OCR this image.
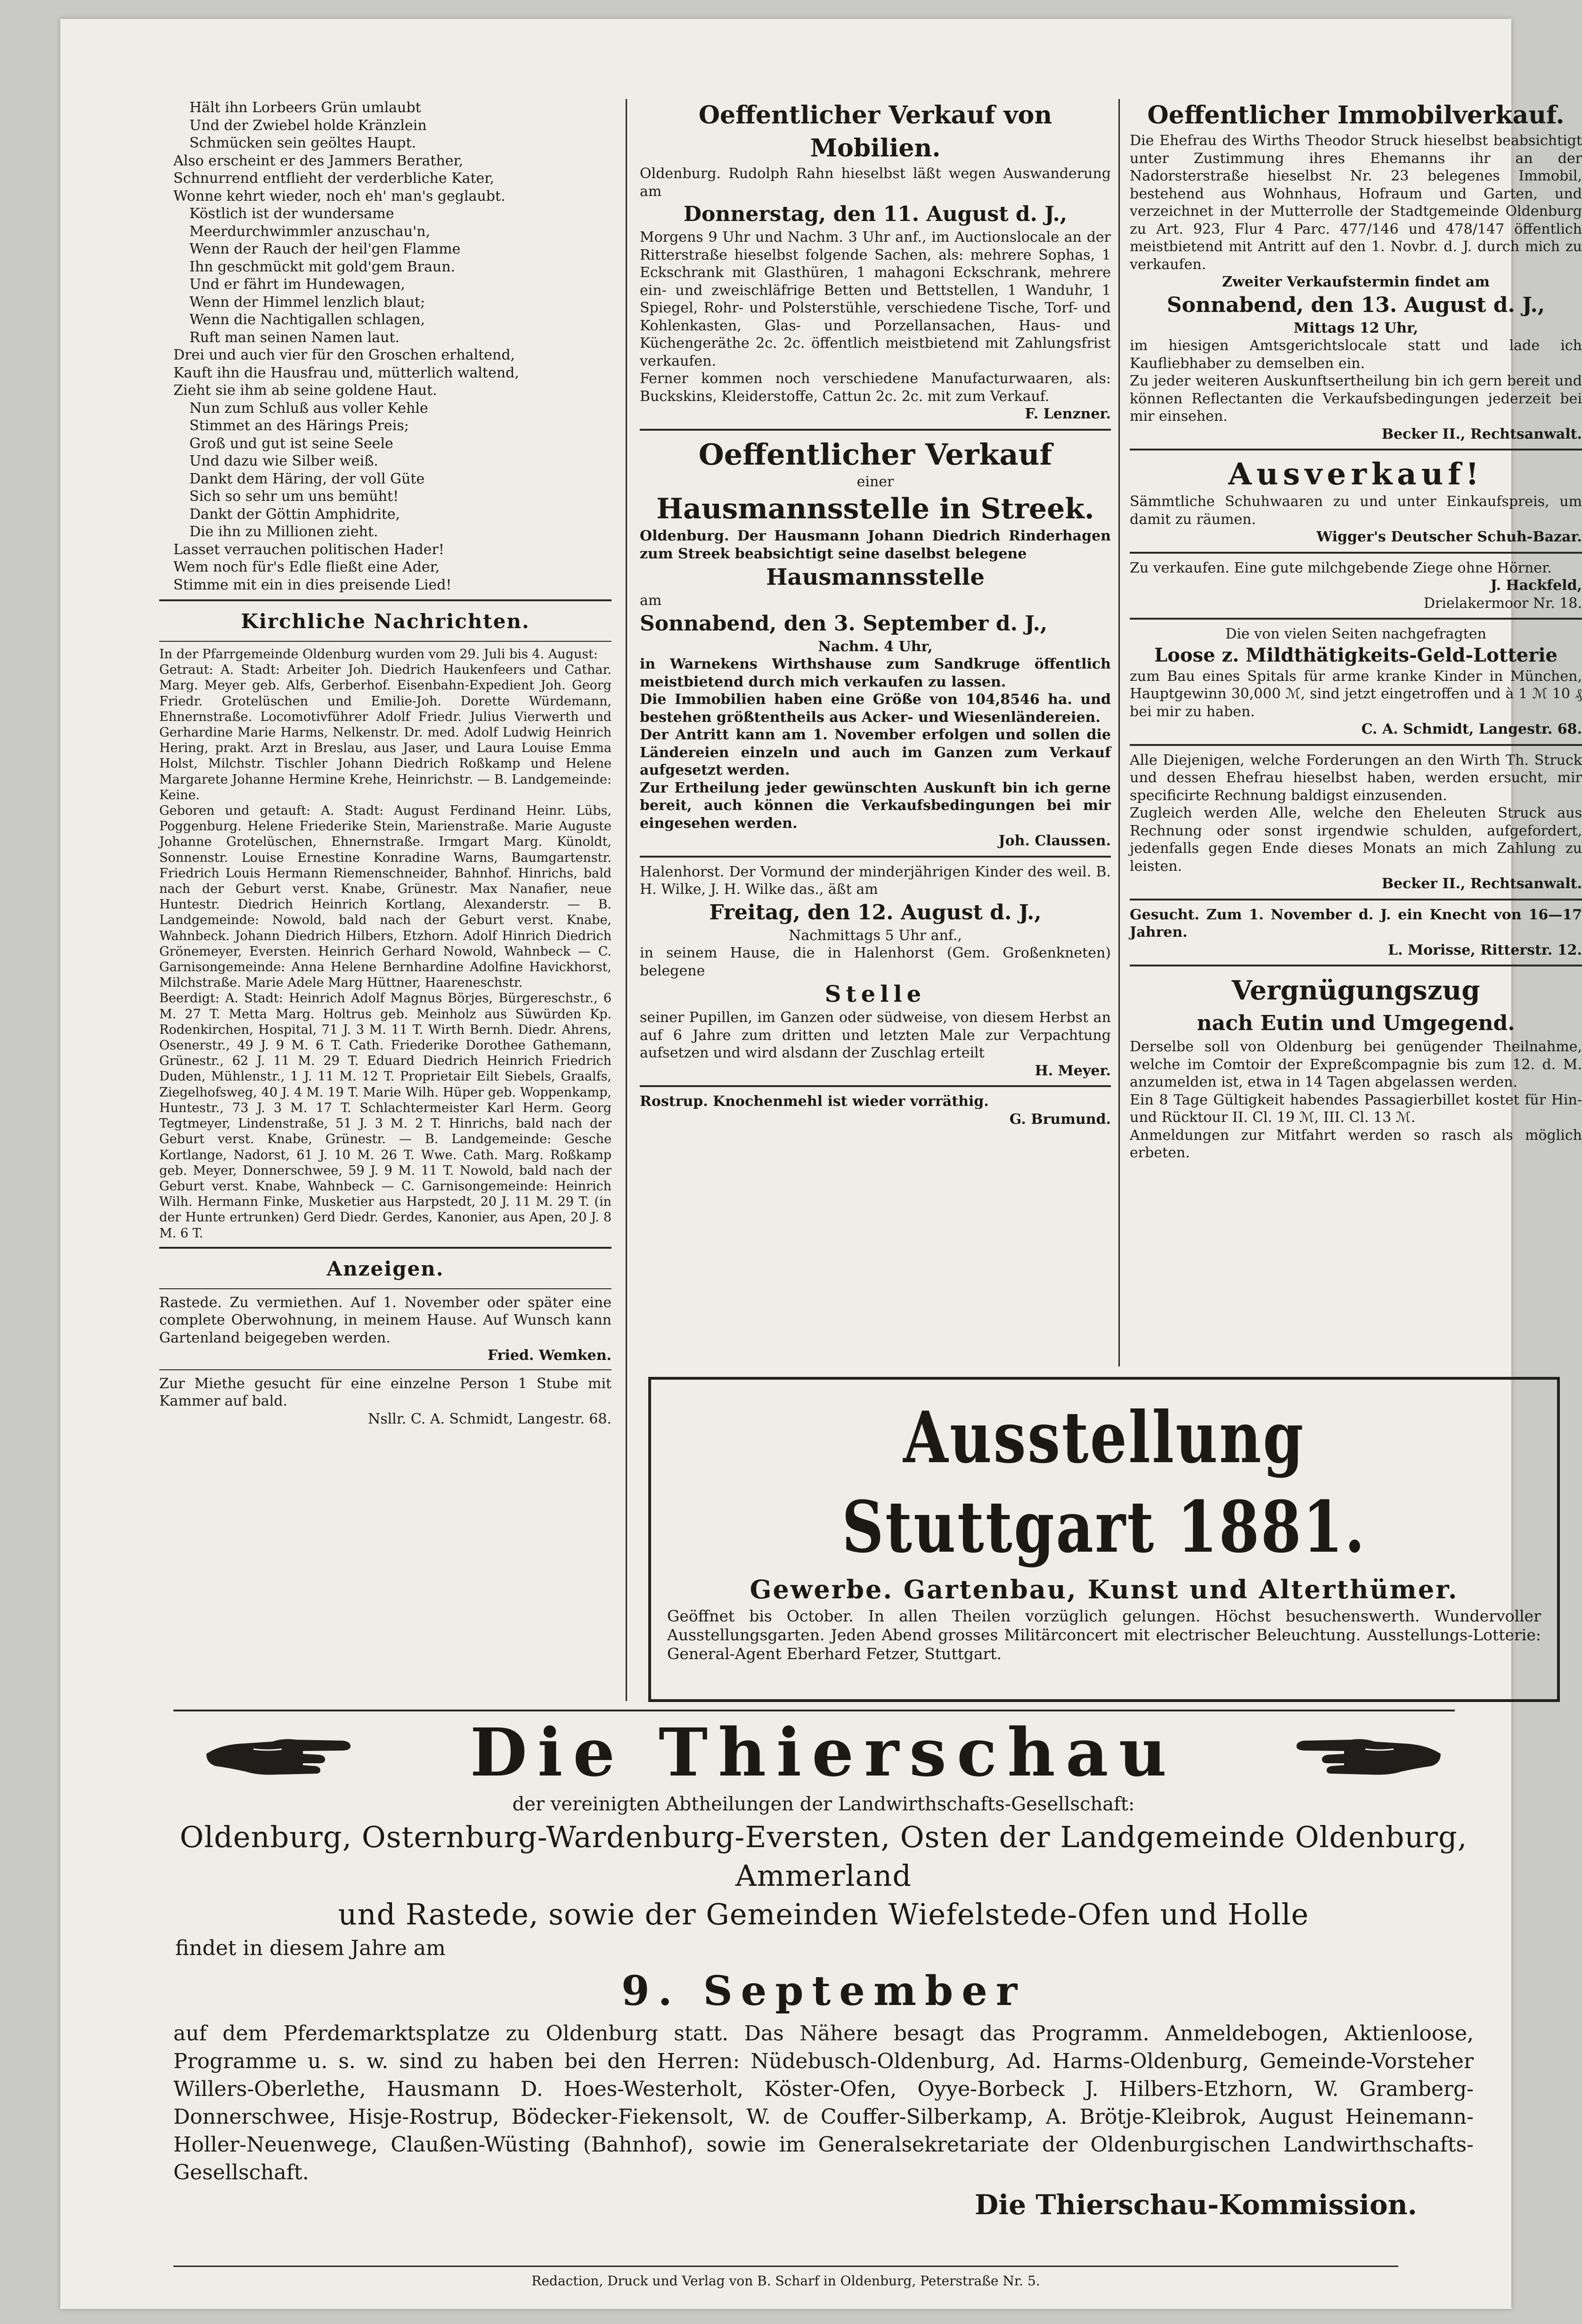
Hält ihn Lorbeers Grün umlaubt

Und der Zwiebel holde Kränzlein

Schmücken sein geöltes Haupt.

Also erscheint er des Jammers Berather,

Schnurrend entflieht der verderbliche Kater,

Wonne kehrt wieder, noch eh' man's geglaubt.

Köstlich ist der wundersame

Meerdurchwimmler anzuschau'n,

Wenn der Rauch der heil'gen Flamme

Ihn geschmückt mit gold'gem Braun.

Und er fährt im Hundewagen,

Wenn der Himmel lenzlich blaut;

Wenn die Nachtigallen schlagen,

Ruft man seinen Namen laut.

Drei und auch vier für den Groschen erhaltend,

Kauft ihn die Hausfrau und, mütterlich waltend,

Zieht sie ihm ab seine goldene Haut.

Nun zum Schluß aus voller Kehle

Stimmet an des Härings Preis;

Groß und gut ist seine Seele

Und dazu wie Silber weiß.

Dankt dem Häring, der voll Güte

Sich so sehr um uns bemüht!

Dankt der Göttin Amphidrite,

Die ihn zu Millionen zieht.

Lasset verrauchen politischen Hader!

Wem noch für's Edle fließt eine Ader,

Stimme mit ein in dies preisende Lied!

Kirchliche Nachrichten.

In der Pfarrgemeinde Oldenburg wurden vom 29. Juli bis 4. August:

Getraut: A. Stadt: Arbeiter Joh. Diedrich Haukenfeers und Cathar. Marg. Meyer geb. Alfs, Gerberhof. Eisenbahn-Expedient Joh. Georg Friedr. Grotelüschen und Emilie-Joh. Dorette Würdemann, Ehnernstraße. Locomotivführer Adolf Friedr. Julius Vierwerth und Gerhardine Marie Harms, Nelkenstr. Dr. med. Adolf Ludwig Heinrich Hering, prakt. Arzt in Breslau, aus Jaser, und Laura Louise Emma Holst, Milchstr. Tischler Johann Diedrich Roßkamp und Helene Margarete Johanne Hermine Krehe, Heinrichstr. — B. Landgemeinde: Keine.

Geboren und getauft: A. Stadt: August Ferdinand Heinr. Lübs, Poggenburg. Helene Friederike Stein, Marienstraße. Marie Auguste Johanne Grotelüschen, Ehnernstraße. Irmgart Marg. Künoldt, Sonnenstr. Louise Ernestine Konradine Warns, Baumgartenstr. Friedrich Louis Hermann Riemenschneider, Bahnhof. Hinrichs, bald nach der Geburt verst. Knabe, Grünestr. Max Nanafier, neue Huntestr. Diedrich Heinrich Kortlang, Alexanderstr. — B. Landgemeinde: Nowold, bald nach der Geburt verst. Knabe, Wahnbeck. Johann Diedrich Hilbers, Etzhorn. Adolf Hinrich Diedrich Grönemeyer, Eversten. Heinrich Gerhard Nowold, Wahnbeck — C. Garnisongemeinde: Anna Helene Bernhardine Adolfine Havickhorst, Milchstraße. Marie Adele Marg Hüttner, Haareneschstr.

Beerdigt: A. Stadt: Heinrich Adolf Magnus Börjes, Bürgereschstr., 6 M. 27 T. Metta Marg. Holtrus geb. Meinholz aus Süwürden Kp. Rodenkirchen, Hospital, 71 J. 3 M. 11 T. Wirth Bernh. Diedr. Ahrens, Osenerstr., 49 J. 9 M. 6 T. Cath. Friederike Dorothee Gathemann, Grünestr., 62 J. 11 M. 29 T. Eduard Diedrich Heinrich Friedrich Duden, Mühlenstr., 1 J. 11 M. 12 T. Proprietair Eilt Siebels, Graalfs, Ziegelhofsweg, 40 J. 4 M. 19 T. Marie Wilh. Hüper geb. Woppenkamp, Huntestr., 73 J. 3 M. 17 T. Schlachtermeister Karl Herm. Georg Tegtmeyer, Lindenstraße, 51 J. 3 M. 2 T. Hinrichs, bald nach der Geburt verst. Knabe, Grünestr. — B. Landgemeinde: Gesche Kortlange, Nadorst, 61 J. 10 M. 26 T. Wwe. Cath. Marg. Roßkamp geb. Meyer, Donnerschwee, 59 J. 9 M. 11 T. Nowold, bald nach der Geburt verst. Knabe, Wahnbeck — C. Garnisongemeinde: Heinrich Wilh. Hermann Finke, Musketier aus Harpstedt, 20 J. 11 M. 29 T. (in der Hunte ertrunken) Gerd Diedr. Gerdes, Kanonier, aus Apen, 20 J. 8 M. 6 T.

Anzeigen.

Rastede. Zu vermiethen. Auf 1. November oder später eine complete Oberwohnung, in meinem Hause. Auf Wunsch kann Gartenland beigegeben werden.

Fried. Wemken.

Zur Miethe gesucht für eine einzelne Person 1 Stube mit Kammer auf bald.

Nsllr. C. A. Schmidt, Langestr. 68.

Oeffentlicher Verkauf von Mobilien.

Oldenburg. Rudolph Rahn hieselbst läßt wegen Auswanderung am

Donnerstag, den 11. August d. J.,

Morgens 9 Uhr und Nachm. 3 Uhr anf., im Auctionslocale an der Ritterstraße hieselbst folgende Sachen, als: mehrere Sophas, 1 Eckschrank mit Glasthüren, 1 mahagoni Eckschrank, mehrere ein- und zweischläfrige Betten und Bettstellen, 1 Wanduhr, 1 Spiegel, Rohr- und Polsterstühle, verschiedene Tische, Torf- und Kohlenkasten, Glas- und Porzellansachen, Haus- und Küchengeräthe 2c. 2c. öffentlich meistbietend mit Zahlungsfrist verkaufen.

Ferner kommen noch verschiedene Manufacturwaaren, als: Buckskins, Kleiderstoffe, Cattun 2c. 2c. mit zum Verkauf.

F. Lenzner.

Oeffentlicher Verkauf

einer

Hausmannsstelle in Streek.

Oldenburg. Der Hausmann Johann Diedrich Rinderhagen zum Streek beabsichtigt seine daselbst belegene

Hausmannsstelle

am

Sonnabend, den 3. September d. J.,

Nachm. 4 Uhr,

in Warnekens Wirthshause zum Sandkruge öffentlich meistbietend durch mich verkaufen zu lassen.

Die Immobilien haben eine Größe von 104,8546 ha. und bestehen größtentheils aus Acker- und Wiesenländereien.

Der Antritt kann am 1. November erfolgen und sollen die Ländereien einzeln und auch im Ganzen zum Verkauf aufgesetzt werden.

Zur Ertheilung jeder gewünschten Auskunft bin ich gerne bereit, auch können die Verkaufsbedingungen bei mir eingesehen werden.

Joh. Claussen.

Halenhorst. Der Vormund der minderjährigen Kinder des weil. B. H. Wilke, J. H. Wilke das., äßt am

Freitag, den 12. August d. J.,

Nachmittags 5 Uhr anf.,

in seinem Hause, die in Halenhorst (Gem. Großenkneten) belegene

Stelle

seiner Pupillen, im Ganzen oder südweise, von diesem Herbst an auf 6 Jahre zum dritten und letzten Male zur Verpachtung aufsetzen und wird alsdann der Zuschlag erteilt

H. Meyer.

Rostrup. Knochenmehl ist wieder vorräthig.

G. Brumund.

Oeffentlicher Immobilverkauf.

Die Ehefrau des Wirths Theodor Struck hieselbst beabsichtigt unter Zustimmung ihres Ehemanns ihr an der Nadorsterstraße hieselbst Nr. 23 belegenes Immobil, bestehend aus Wohnhaus, Hofraum und Garten, und verzeichnet in der Mutterrolle der Stadtgemeinde Oldenburg zu Art. 923, Flur 4 Parc. 477/146 und 478/147 öffentlich meistbietend mit Antritt auf den 1. Novbr. d. J. durch mich zu verkaufen.

Zweiter Verkaufstermin findet am

Sonnabend, den 13. August d. J.,

Mittags 12 Uhr,

im hiesigen Amtsgerichtslocale statt und lade ich Kaufliebhaber zu demselben ein.

Zu jeder weiteren Auskunftsertheilung bin ich gern bereit und können Reflectanten die Verkaufsbedingungen jederzeit bei mir einsehen.

Becker II., Rechtsanwalt.

Ausverkauf!

Sämmtliche Schuhwaaren zu und unter Einkaufspreis, um damit zu räumen.

Wigger's Deutscher Schuh-Bazar.

Zu verkaufen. Eine gute milchgebende Ziege ohne Hörner.

J. Hackfeld,

Drielakermoor Nr. 18.

Die von vielen Seiten nachgefragten

Loose z. Mildthätigkeits-Geld-Lotterie

zum Bau eines Spitals für arme kranke Kinder in München, Hauptgewinn 30,000 ℳ, sind jetzt eingetroffen und à 1 ℳ 10 ₰ bei mir zu haben.

C. A. Schmidt, Langestr. 68.

Alle Diejenigen, welche Forderungen an den Wirth Th. Struck und dessen Ehefrau hieselbst haben, werden ersucht, mir specificirte Rechnung baldigst einzusenden.

Zugleich werden Alle, welche den Eheleuten Struck aus Rechnung oder sonst irgendwie schulden, aufgefordert, jedenfalls gegen Ende dieses Monats an mich Zahlung zu leisten.

Becker II., Rechtsanwalt.

Gesucht. Zum 1. November d. J. ein Knecht von 16—17 Jahren.

L. Morisse, Ritterstr. 12.

Vergnügungszug
nach Eutin und Umgegend.

Derselbe soll von Oldenburg bei genügender Theilnahme, welche im Comtoir der Expreßcompagnie bis zum 12. d. M. anzumelden ist, etwa in 14 Tagen abgelassen werden.

Ein 8 Tage Gültigkeit habendes Passagierbillet kostet für Hin- und Rücktour II. Cl. 19 ℳ, III. Cl. 13 ℳ.

Anmeldungen zur Mitfahrt werden so rasch als möglich erbeten.

Ausstellung Stuttgart 1881.
Gewerbe. Gartenbau, Kunst und Alterthümer.

Geöffnet bis October. In allen Theilen vorzüglich gelungen. Höchst besuchenswerth. Wundervoller Ausstellungsgarten. Jeden Abend grosses Militärconcert mit electrischer Beleuchtung. Ausstellungs-Lotterie: General-Agent Eberhard Fetzer, Stuttgart.

Die Thierschau

der vereinigten Abtheilungen der Landwirthschafts-Gesellschaft:

Oldenburg, Osternburg-Wardenburg-Eversten, Osten der Landgemeinde Oldenburg, Ammerland

und Rastede, sowie der Gemeinden Wiefelstede-Ofen und Holle

findet in diesem Jahre am

9. September

auf dem Pferdemarktsplatze zu Oldenburg statt. Das Nähere besagt das Programm. Anmeldebogen, Aktienloose, Programme u. s. w. sind zu haben bei den Herren: Nüdebusch-Oldenburg, Ad. Harms-Oldenburg, Gemeinde-Vorsteher Willers-Oberlethe, Hausmann D. Hoes-Westerholt, Köster-Ofen, Oyye-Borbeck J. Hilbers-Etzhorn, W. Gramberg-Donnerschwee, Hisje-Rostrup, Bödecker-Fiekensolt, W. de Couffer-Silberkamp, A. Brötje-Kleibrok, August Heinemann-Holler-Neuenwege, Claußen-Wüsting (Bahnhof), sowie im Generalsekretariate der Oldenburgischen Landwirthschafts-Gesellschaft.

Die Thierschau-Kommission.

Redaction, Druck und Verlag von B. Scharf in Oldenburg, Peterstraße Nr. 5.
